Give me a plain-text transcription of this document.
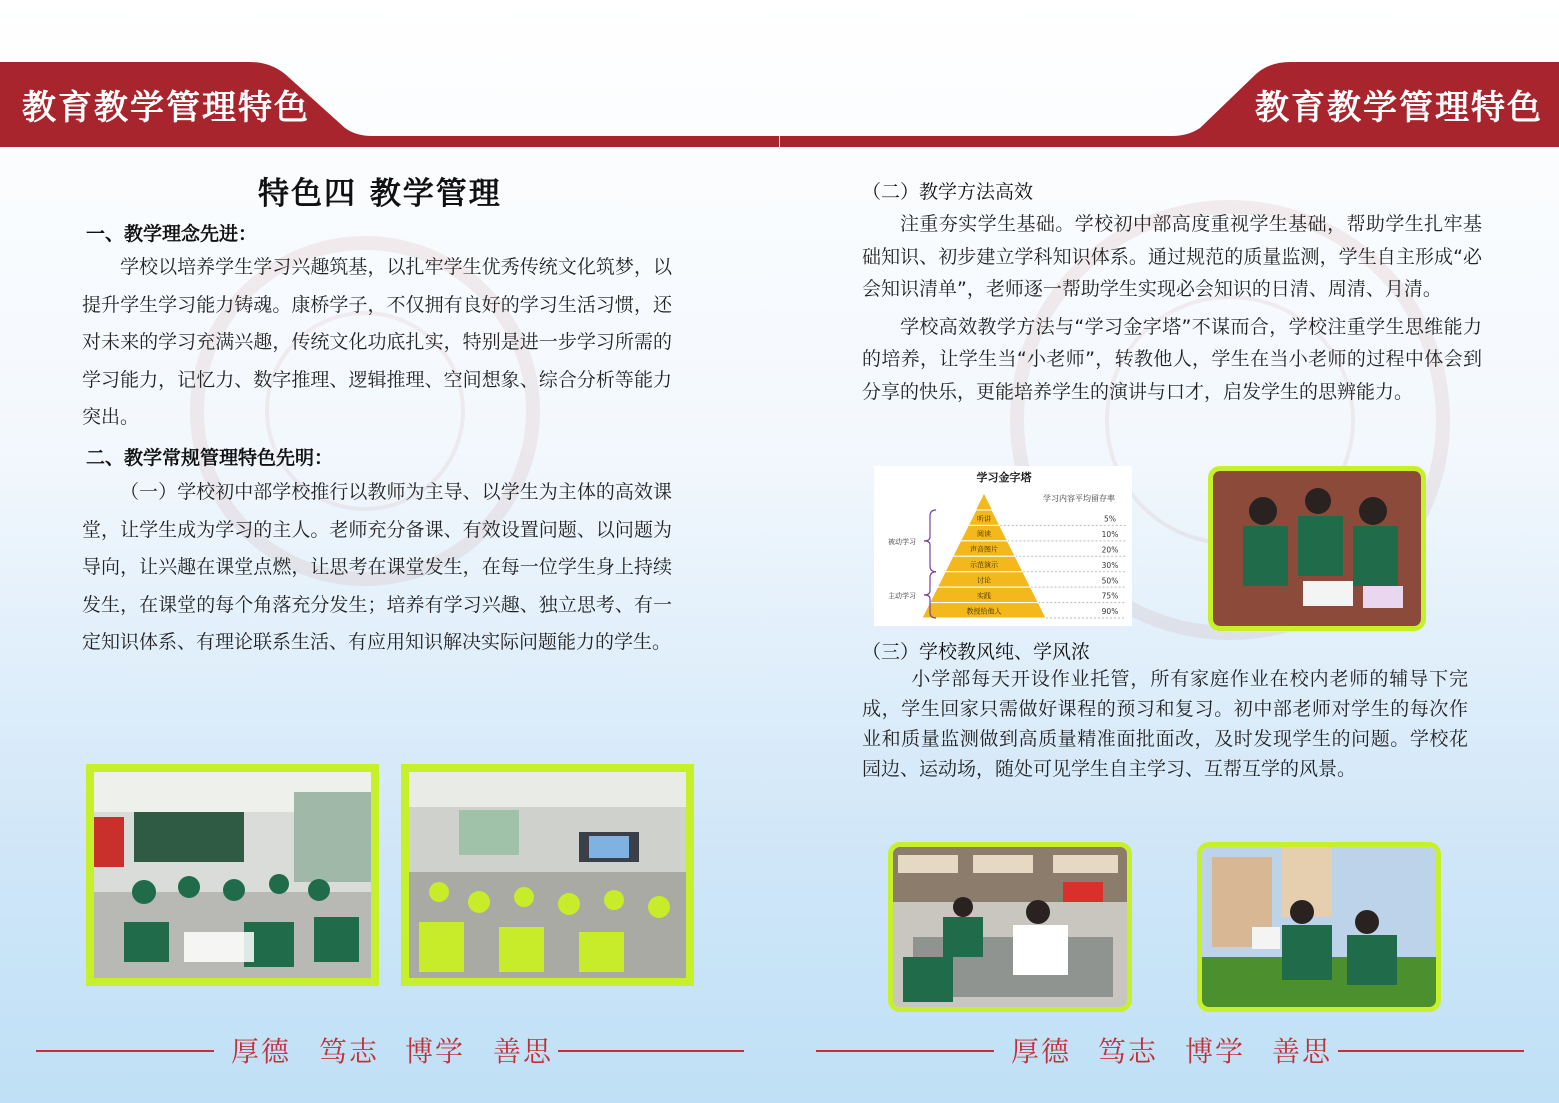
教育教学管理特色	教育教学管理特色
特色四 教学管理
一、教学理念先进：

学校以培养学生学习兴趣筑基，以扎牢学生优秀传统文化筑梦，以提升学生学习能力铸魂。康桥学子，不仅拥有良好的学习生活习惯，还对未来的学习充满兴趣，传统文化功底扎实，特别是进一步学习所需的学习能力，记忆力、数字推理、逻辑推理、空间想象、综合分析等能力突出。

二、教学常规管理特色先明：

（一）学校初中部学校推行以教师为主导、以学生为主体的高效课堂，让学生成为学习的主人。老师充分备课、有效设置问题、以问题为导向，让兴趣在课堂点燃，让思考在课堂发生，在每一位学生身上持续发生，在课堂的每个角落充分发生；培养有学习兴趣、独立思考、有一定知识体系、有理论联系生活、有应用知识解决实际问题能力的学生。

厚德 笃志 博学 善思
（二）教学方法高效

注重夯实学生基础。学校初中部高度重视学生基础，帮助学生扎牢基础知识、初步建立学科知识体系。通过规范的质量监测，学生自主形成“必会知识清单”，老师逐一帮助学生实现必会知识的日清、周清、月清。

学校高效教学方法与“学习金字塔”不谋而合，学校注重学生思维能力的培养，让学生当“小老师”，转教他人，学生在当小老师的过程中体会到分享的快乐，更能培养学生的演讲与口才，启发学生的思辨能力。

学习金字塔
学习内容平均留存率
听讲	5%
阅读	10%
声音图片	20%
示范演示	30%
讨论	50%
实践	75%
教授给他人	90%
被动学习
主动学习
（三）学校教风纯、学风浓

小学部每天开设作业托管，所有家庭作业在校内老师的辅导下完成，学生回家只需做好课程的预习和复习。初中部老师对学生的每次作业和质量监测做到高质量精准面批面改，及时发现学生的问题。学校花园边、运动场，随处可见学生自主学习、互帮互学的风景。

厚德 笃志 博学 善思
